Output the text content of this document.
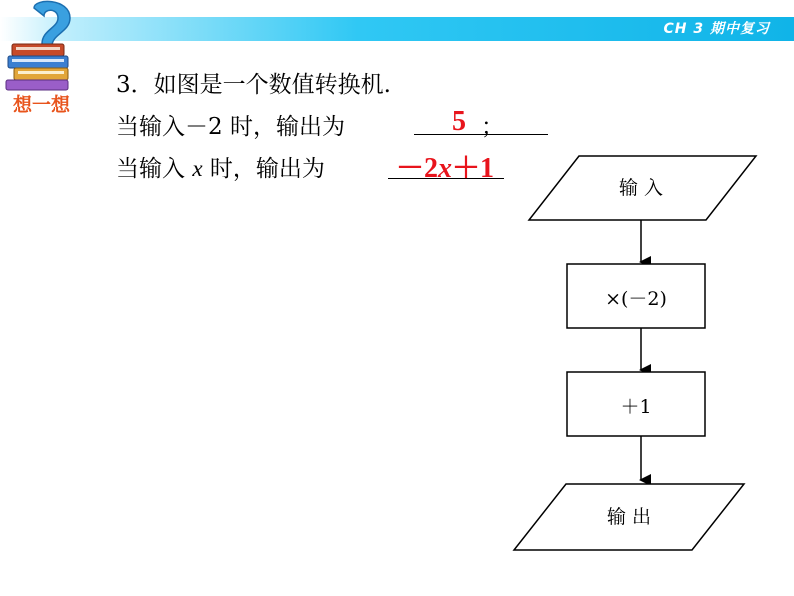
CH 3 期中复习
想一想
3．如图是一个数值转换机.
当输入－2 时，输出为	；
5
当输入 x 时，输出为	－2x＋1
输 入
×(－2)
＋1
输 出
